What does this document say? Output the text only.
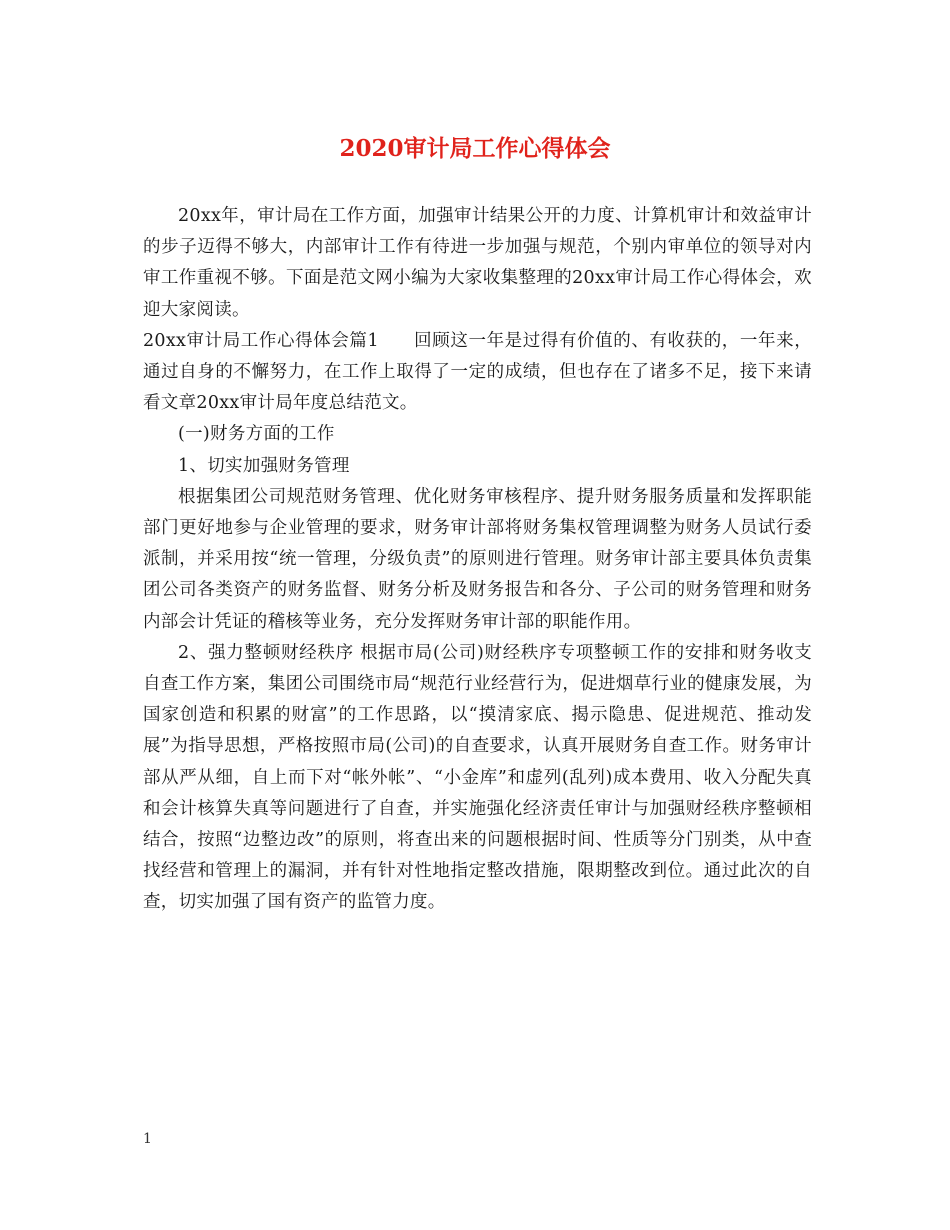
2020审计局工作心得体会

20xx年，审计局在工作方面，加强审计结果公开的力度、计算机审计和效益审计的步子迈得不够大，内部审计工作有待进一步加强与规范，个别内审单位的领导对内审工作重视不够。下面是范文网小编为大家收集整理的20xx审计局工作心得体会，欢迎大家阅读。

20xx审计局工作心得体会篇1 回顾这一年是过得有价值的、有收获的，一年来，通过自身的不懈努力，在工作上取得了一定的成绩，但也存在了诸多不足，接下来请看文章20xx审计局年度总结范文。

(一)财务方面的工作

1、切实加强财务管理

根据集团公司规范财务管理、优化财务审核程序、提升财务服务质量和发挥职能部门更好地参与企业管理的要求，财务审计部将财务集权管理调整为财务人员试行委派制，并采用按“统一管理，分级负责”的原则进行管理。财务审计部主要具体负责集团公司各类资产的财务监督、财务分析及财务报告和各分、子公司的财务管理和财务内部会计凭证的稽核等业务，充分发挥财务审计部的职能作用。

2、强力整顿财经秩序 根据市局(公司)财经秩序专项整顿工作的安排和财务收支自查工作方案，集团公司围绕市局“规范行业经营行为，促进烟草行业的健康发展，为国家创造和积累的财富”的工作思路，以“摸清家底、揭示隐患、促进规范、推动发展”为指导思想，严格按照市局(公司)的自查要求，认真开展财务自查工作。财务审计部从严从细，自上而下对“帐外帐”、“小金库”和虚列(乱列)成本费用、收入分配失真和会计核算失真等问题进行了自查，并实施强化经济责任审计与加强财经秩序整顿相结合，按照“边整边改”的原则，将查出来的问题根据时间、性质等分门别类，从中查找经营和管理上的漏洞，并有针对性地指定整改措施，限期整改到位。通过此次的自查，切实加强了国有资产的监管力度。

1
